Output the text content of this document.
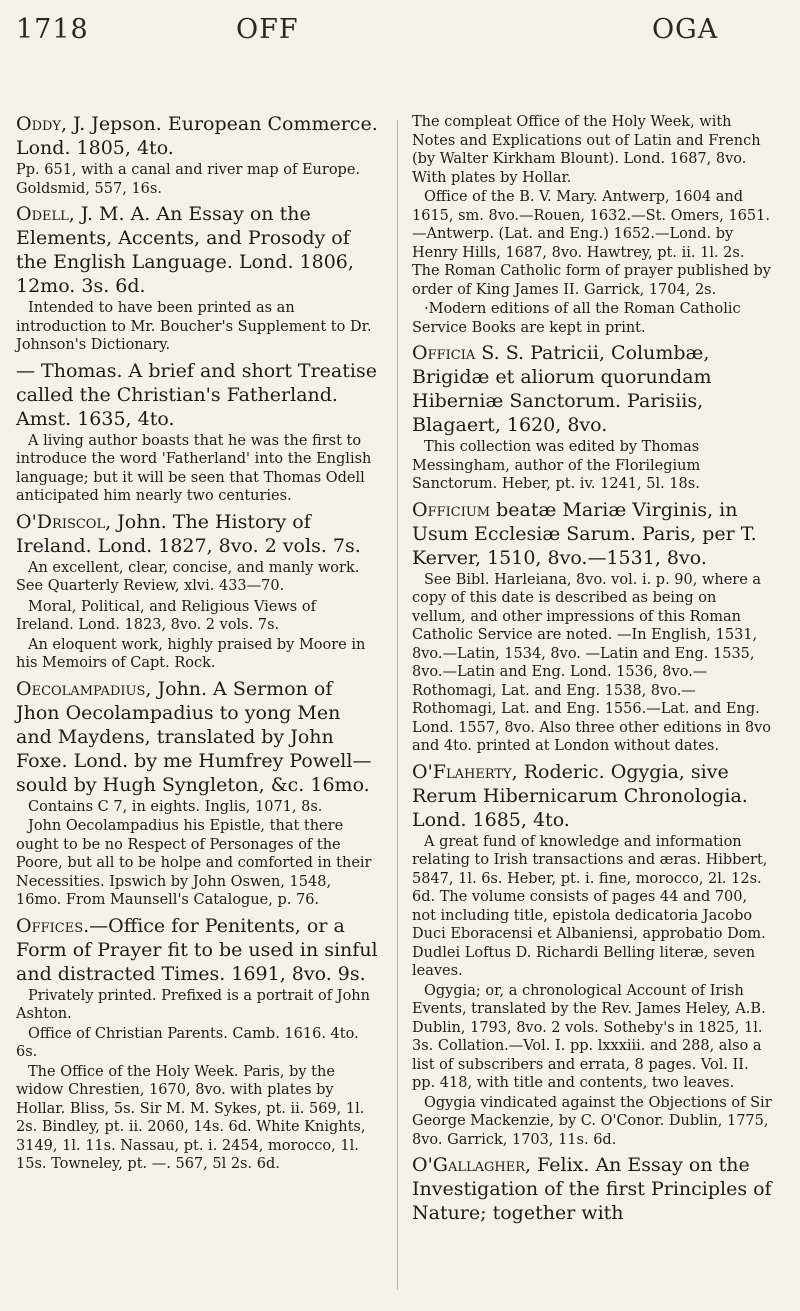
1718	OFF	OGA
Oddy, J. Jepson. European Commerce. Lond. 1805, 4to.
Pp. 651, with a canal and river map of Europe. Goldsmid, 557, 16s.
Odell, J. M. A. An Essay on the Elements, Accents, and Prosody of the English Language. Lond. 1806, 12mo. 3s. 6d.
Intended to have been printed as an introduction to Mr. Boucher's Supplement to Dr. Johnson's Dictionary.
— Thomas. A brief and short Treatise called the Christian's Fatherland. Amst. 1635, 4to.
A living author boasts that he was the first to introduce the word 'Fatherland' into the English language; but it will be seen that Thomas Odell anticipated him nearly two centuries.
O'Driscol, John. The History of Ireland. Lond. 1827, 8vo. 2 vols. 7s.
An excellent, clear, concise, and manly work. See Quarterly Review, xlvi. 433—70.
Moral, Political, and Religious Views of Ireland. Lond. 1823, 8vo. 2 vols. 7s.
An eloquent work, highly praised by Moore in his Memoirs of Capt. Rock.
Oecolampadius, John. A Sermon of Jhon Oecolampadius to yong Men and Maydens, translated by John Foxe. Lond. by me Humfrey Powell—sould by Hugh Syngleton, &c. 16mo.
Contains C 7, in eights. Inglis, 1071, 8s.
John Oecolampadius his Epistle, that there ought to be no Respect of Personages of the Poore, but all to be holpe and comforted in their Necessities. Ipswich by John Oswen, 1548, 16mo. From Maunsell's Catalogue, p. 76.
Offices.—Office for Penitents, or a Form of Prayer fit to be used in sinful and distracted Times. 1691, 8vo. 9s.
Privately printed. Prefixed is a portrait of John Ashton.
Office of Christian Parents. Camb. 1616. 4to. 6s.
The Office of the Holy Week. Paris, by the widow Chrestien, 1670, 8vo. with plates by Hollar. Bliss, 5s. Sir M. M. Sykes, pt. ii. 569, 1l. 2s. Bindley, pt. ii. 2060, 14s. 6d. White Knights, 3149, 1l. 11s. Nassau, pt. i. 2454, morocco, 1l. 15s. Towneley, pt. —. 567, 5l 2s. 6d.
The compleat Office of the Holy Week, with Notes and Explications out of Latin and French (by Walter Kirkham Blount). Lond. 1687, 8vo. With plates by Hollar.
Office of the B. V. Mary. Antwerp, 1604 and 1615, sm. 8vo.—Rouen, 1632.—St. Omers, 1651.—Antwerp. (Lat. and Eng.) 1652.—Lond. by Henry Hills, 1687, 8vo. Hawtrey, pt. ii. 1l. 2s. The Roman Catholic form of prayer published by order of King James II. Garrick, 1704, 2s.
·Modern editions of all the Roman Catholic Service Books are kept in print.
Officia S. S. Patricii, Columbæ, Brigidæ et aliorum quorundam Hiberniæ Sanctorum. Parisiis, Blagaert, 1620, 8vo.
This collection was edited by Thomas Messingham, author of the Florilegium Sanctorum. Heber, pt. iv. 1241, 5l. 18s.
Officium beatæ Mariæ Virginis, in Usum Ecclesiæ Sarum. Paris, per T. Kerver, 1510, 8vo.—1531, 8vo.
See Bibl. Harleiana, 8vo. vol. i. p. 90, where a copy of this date is described as being on vellum, and other impressions of this Roman Catholic Service are noted. —In English, 1531, 8vo.—Latin, 1534, 8vo. —Latin and Eng. 1535, 8vo.—Latin and Eng. Lond. 1536, 8vo.—Rothomagi, Lat. and Eng. 1538, 8vo.—Rothomagi, Lat. and Eng. 1556.—Lat. and Eng. Lond. 1557, 8vo. Also three other editions in 8vo and 4to. printed at London without dates.
O'Flaherty, Roderic. Ogygia, sive Rerum Hibernicarum Chronologia. Lond. 1685, 4to.
A great fund of knowledge and information relating to Irish transactions and æras. Hibbert, 5847, 1l. 6s. Heber, pt. i. fine, morocco, 2l. 12s. 6d. The volume consists of pages 44 and 700, not including title, epistola dedicatoria Jacobo Duci Eboracensi et Albaniensi, approbatio Dom. Dudlei Loftus D. Richardi Belling literæ, seven leaves.
Ogygia; or, a chronological Account of Irish Events, translated by the Rev. James Heley, A.B. Dublin, 1793, 8vo. 2 vols. Sotheby's in 1825, 1l. 3s. Collation.—Vol. I. pp. lxxxiii. and 288, also a list of subscribers and errata, 8 pages. Vol. II. pp. 418, with title and contents, two leaves.
Ogygia vindicated against the Objections of Sir George Mackenzie, by C. O'Conor. Dublin, 1775, 8vo. Garrick, 1703, 11s. 6d.
O'Gallagher, Felix. An Essay on the Investigation of the first Principles of Nature; together with
